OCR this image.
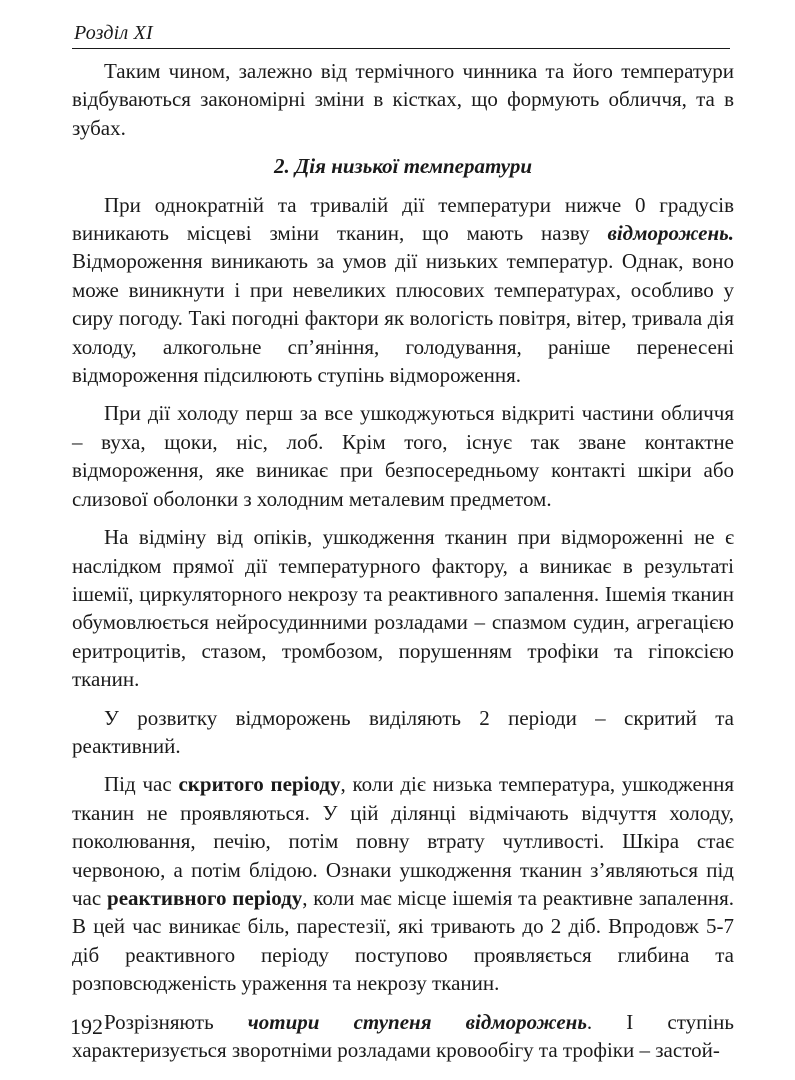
Розділ XI

Таким чином, залежно від термічного чинника та його температури відбуваються закономірні зміни в кістках, що формують обличчя, та в зубах.

2. Дія низької температури

При однократній та тривалій дії температури нижче 0 градусів виникають місцеві зміни тканин, що мають назву відморожень. Відмороження виникають за умов дії низьких температур. Однак, воно може виникнути і при невеликих плюсових температурах, особливо у сиру погоду. Такі погодні фактори як вологість повітря, вітер, тривала дія холоду, алкогольне сп’яніння, голодування, раніше перенесені відмороження підсилюють ступінь відмороження.

При дії холоду перш за все ушкоджуються відкриті частини обличчя – вуха, щоки, ніс, лоб. Крім того, існує так зване контактне відмороження, яке виникає при безпосередньому контакті шкіри або слизової оболонки з холодним металевим предметом.

На відміну від опіків, ушкодження тканин при відмороженні не є наслідком прямої дії температурного фактору, а виникає в результаті ішемії, циркуляторного некрозу та реактивного запалення. Ішемія тканин обумовлюється нейросудинними розладами – спазмом судин, агрегацією еритроцитів, стазом, тромбозом, порушенням трофіки та гіпоксією тканин.

У розвитку відморожень виділяють 2 періоди – скритий та реактивний.

Під час скритого періоду, коли діє низька температура, ушкодження тканин не проявляються. У цій ділянці відмічають відчуття холоду, поколювання, печію, потім повну втрату чутливості. Шкіра стає червоною, а потім блідою. Ознаки ушкодження тканин з’являються під час реактивного періоду, коли має місце ішемія та реактивне запалення. В цей час виникає біль, парестезії, які тривають до 2 діб. Впродовж 5-7 діб реактивного періоду поступово проявляється глибина та розповсюдженість ураження та некрозу тканин.

Розрізняють чотири ступеня відморожень. І ступінь характеризується зворотніми розладами кровообігу та трофіки – застой-

192
